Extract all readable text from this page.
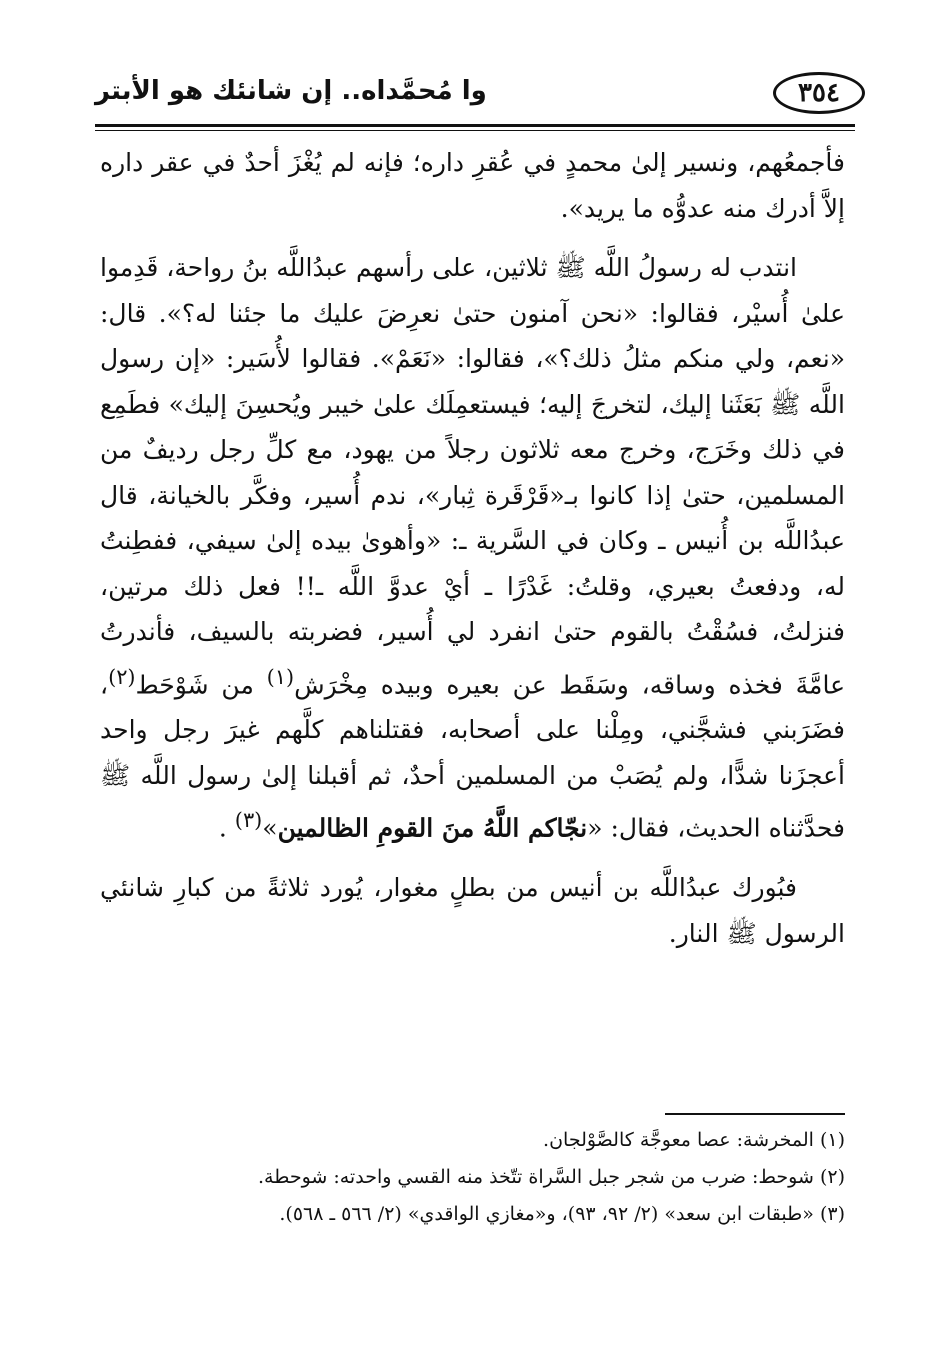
٣٥٤
وا مُحمَّداه.. إن شانئك هو الأبتر

فأجمعُهم، ونسير إلىٰ محمدٍ في عُقرِ داره؛ فإنه لم يُغْزَ أحدٌ في عقر داره إلاَّ أدرك منه عدوُّه ما يريد».

انتدب له رسولُ اللَّه ﷺ ثلاثين، على رأسهم عبدُاللَّه بنُ رواحة، قَدِموا علىٰ أُسيْر، فقالوا: «نحن آمنون حتىٰ نعرِضَ عليك ما جئنا له؟». قال: «نعم، ولي منكم مثلُ ذلك؟»، فقالوا: «نَعَمْ». فقالوا لأُسَير: «إن رسول اللَّه ﷺ بَعَثَنا إليك، لتخرجَ إليه؛ فيستعمِلَك علىٰ خيبر ويُحسِنَ إليك» فطَمِع في ذلك وخَرَج، وخرج معه ثلاثون رجلاً من يهود، مع كلِّ رجل رديفٌ من المسلمين، حتىٰ إذا كانوا بـ«قَرْقَرة ثِبار»، ندم أُسير، وفكَّر بالخيانة، قال عبدُاللَّه بن أُنيس ـ وكان في السَّرية ـ: «وأهوىٰ بيده إلىٰ سيفي، ففطِنتُ له، ودفعتُ بعيري، وقلتُ: غَدْرًا ـ أيْ عدوَّ اللَّه ـ!! فعل ذلك مرتين، فنزلتُ، فسُقْتُ بالقوم حتىٰ انفرد لي أُسير، فضربته بالسيف، فأندرتُ عامَّةَ فخذه وساقه، وسَقَط عن بعيره وبيده مِخْرَش$^{(١)}$ من شَوْحَط$^{(٢)}$، فضَرَبني فشجَّني، ومِلْنا على أصحابه، فقتلناهم كلَّهم غيرَ رجل واحد أعجزَنا شدًّا، ولم يُصَبْ من المسلمين أحدٌ، ثم أقبلنا إلىٰ رسول اللَّه ﷺ فحدَّثناه الحديث، فقال: «نجّاكم اللَّهُ منَ القومِ الظالمين»$^{(٣)}$ .

فبُورك عبدُاللَّه بن أنيس من بطلٍ مغوار، يُورد ثلاثةً من كبارِ شانئي الرسول ﷺ النار.

(١) المخرشة: عصا معوجَّة كالصَّوْلجان.

(٢) شوحط: ضرب من شجر جبل السَّراة تتّخذ منه القسي واحدته: شوحطة.

(٣) «طبقات ابن سعد» (٢/ ٩٢، ٩٣)، و«مغازي الواقدي» (٢/ ٥٦٦ ـ ٥٦٨).
